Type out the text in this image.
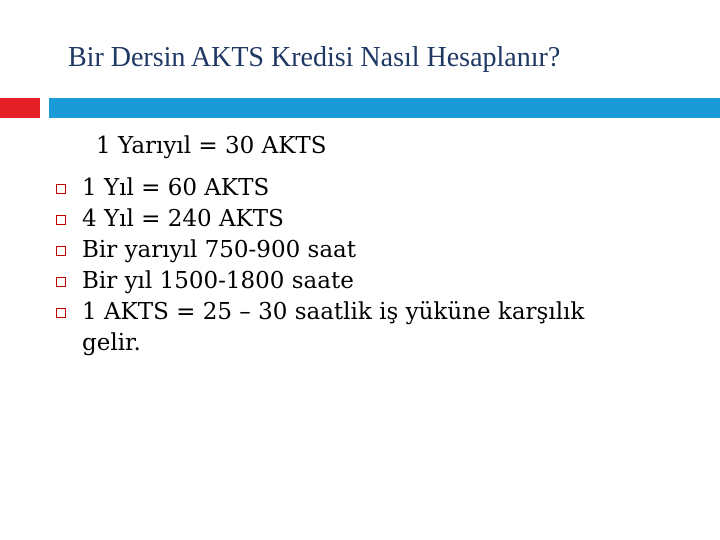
Bir Dersin AKTS Kredisi Nasıl Hesaplanır?
1 Yarıyıl = 30 AKTS
1 Yıl = 60 AKTS
4 Yıl = 240 AKTS
Bir yarıyıl 750-900 saat
Bir yıl 1500-1800 saate
1 AKTS = 25 – 30 saatlik iş yüküne karşılık gelir.
